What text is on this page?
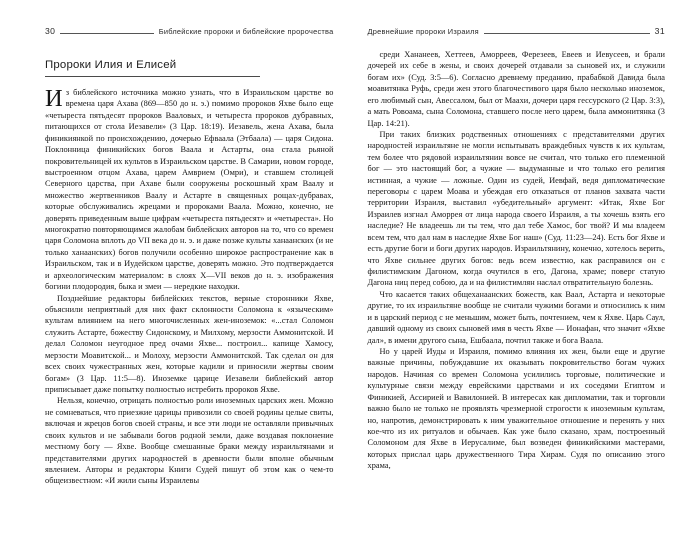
30	Библейские пророки и библейские пророчества
Пророки Илия и Елисей

Из библейского источника можно узнать, что в Израильском царстве во времена царя Ахава (869—850 до н. э.) помимо пророков Яхве было еще «четыреста пятьдесят пророков Вааловых, и четыреста пророков дубравных, питающихся от стола Иезавели» (3 Цар. 18:19). Иезавель, жена Ахава, была финикиянкой по происхождению, дочерью Ефваала (Этбаала) — царя Сидона. Поклонница финикийских богов Ваала и Астарты, она стала рьяной покровительницей их культов в Израильском царстве. В Самарии, новом городе, выстроенном отцом Ахава, царем Амврием (Омри), и ставшем столицей Северного царства, при Ахаве были сооружены роскошный храм Ваалу и множество жертвенников Ваалу и Астарте в священных рощах-дубравах, которые обслуживались жрецами и пророками Ваала. Можно, конечно, не доверять приведенным выше цифрам «четыреста пятьдесят» и «четыреста». Но многократно повторяющимся жалобам библейских авторов на то, что со времен царя Соломона вплоть до VII века до н. э. и даже позже культы ханаанских (и не только ханаанских) богов получили особенно широкое распространение как в Израильском, так и в Иудейском царстве, доверять можно. Это подтверждается и археологическим материалом: в слоях X—VII веков до н. э. изображения богини плодородия, быка и змеи — нередкие находки.

Позднейшие редакторы библейских текстов, верные сторонники Яхве, объяснили неприятный для них факт склонности Соломона к «языческим» культам влиянием на него многочисленных жен-иноземок: «...стал Соломон служить Астарте, божеству Сидонскому, и Милхому, мерзости Аммонитской. И делал Соломон неугодное пред очами Яхве... построил... капище Хамосу, мерзости Моавитской... и Молоху, мерзости Аммонитской. Так сделал он для всех своих чужестранных жен, которые кадили и приносили жертвы своим богам» (3 Цар. 11:5—8). Иноземке царице Иезавели библейский автор приписывает даже попытку полностью истребить пророков Яхве.

Нельзя, конечно, отрицать полностью роли иноземных царских жен. Можно не сомневаться, что приезжие царицы привозили со своей родины целые свиты, включая и жрецов богов своей страны, и все эти люди не оставляли привычных своих культов и не забывали богов родной земли, даже воздавая поклонение местному богу — Яхве. Вообще смешанные браки между израильтянами и представителями других народностей в древности были вполне обычным явлением. Авторы и редакторы Книги Судей пишут об этом как о чем-то общеизвестном: «И жили сыны Израилевы

Древнейшие пророки Израиля	31

среди Хананеев, Хеттеев, Аморреев, Ферезеев, Евеев и Иевусеев, и брали дочерей их себе в жены, и своих дочерей отдавали за сыновей их, и служили богам их» (Суд. 3:5—6). Согласно древнему преданию, прабабкой Давида была моавитянка Руфь, среди жен этого благочестивого царя было несколько иноземок, его любимый сын, Авессалом, был от Маахи, дочери царя гессурского (2 Цар. 3:3), а мать Ровоама, сына Соломона, ставшего после него царем, была аммонитянка (3 Цар. 14:21).

При таких близких родственных отношениях с представителями других народностей израильтяне не могли испытывать враждебных чувств к их культам, тем более что рядовой израильтянин вовсе не считал, что только его племенной бог — это настоящий бог, а чужие — выдуманные и что только его религия истинная, а чужие — ложные. Один из судей, Иевфай, ведя дипломатические переговоры с царем Моава и убеждая его отказаться от планов захвата части территории Израиля, выставил «убедительный» аргумент: «Итак, Яхве Бог Израилев изгнал Аморрея от лица народа своего Израиля, а ты хочешь взять его наследие? Не владеешь ли ты тем, что дал тебе Хамос, бог твой? И мы владеем всем тем, что дал нам в наследие Яхве Бог наш» (Суд. 11:23—24). Есть бог Яхве и есть другие боги и боги других народов. Израильтянину, конечно, хотелось верить, что Яхве сильнее других богов: ведь всем известно, как расправился он с филистимским Дагоном, когда очутился в его, Дагона, храме; поверг статую Дагона ниц перед собою, да и на филистимлян наслал отвратительную болезнь.

Что касается таких общеханаанских божеств, как Ваал, Астарта и некоторые другие, то их израильтяне вообще не считали чужими богами и относились к ним и в царский период с не меньшим, может быть, почтением, чем к Яхве. Царь Саул, давший одному из своих сыновей имя в честь Яхве — Ионафан, что значит «Яхве дал», в имени другого сына, Ешбаала, почтил также и бога Ваала.

Но у царей Иуды и Израиля, помимо влияния их жен, были еще и другие важные причины, побуждавшие их оказывать покровительство богам чужих народов. Начиная со времен Соломона усилились торговые, политические и культурные связи между еврейскими царствами и их соседями Египтом и Финикией, Ассирией и Вавилонией. В интересах как дипломатии, так и торговли важно было не только не проявлять чрезмерной строгости к иноземным культам, но, напротив, демонстрировать к ним уважительное отношение и перенять у них кое-что из их ритуалов и обычаев. Как уже было сказано, храм, построенный Соломоном для Яхве в Иерусалиме, был возведен финикийскими мастерами, которых прислал царь дружественного Тира Хирам. Судя по описанию этого храма,
